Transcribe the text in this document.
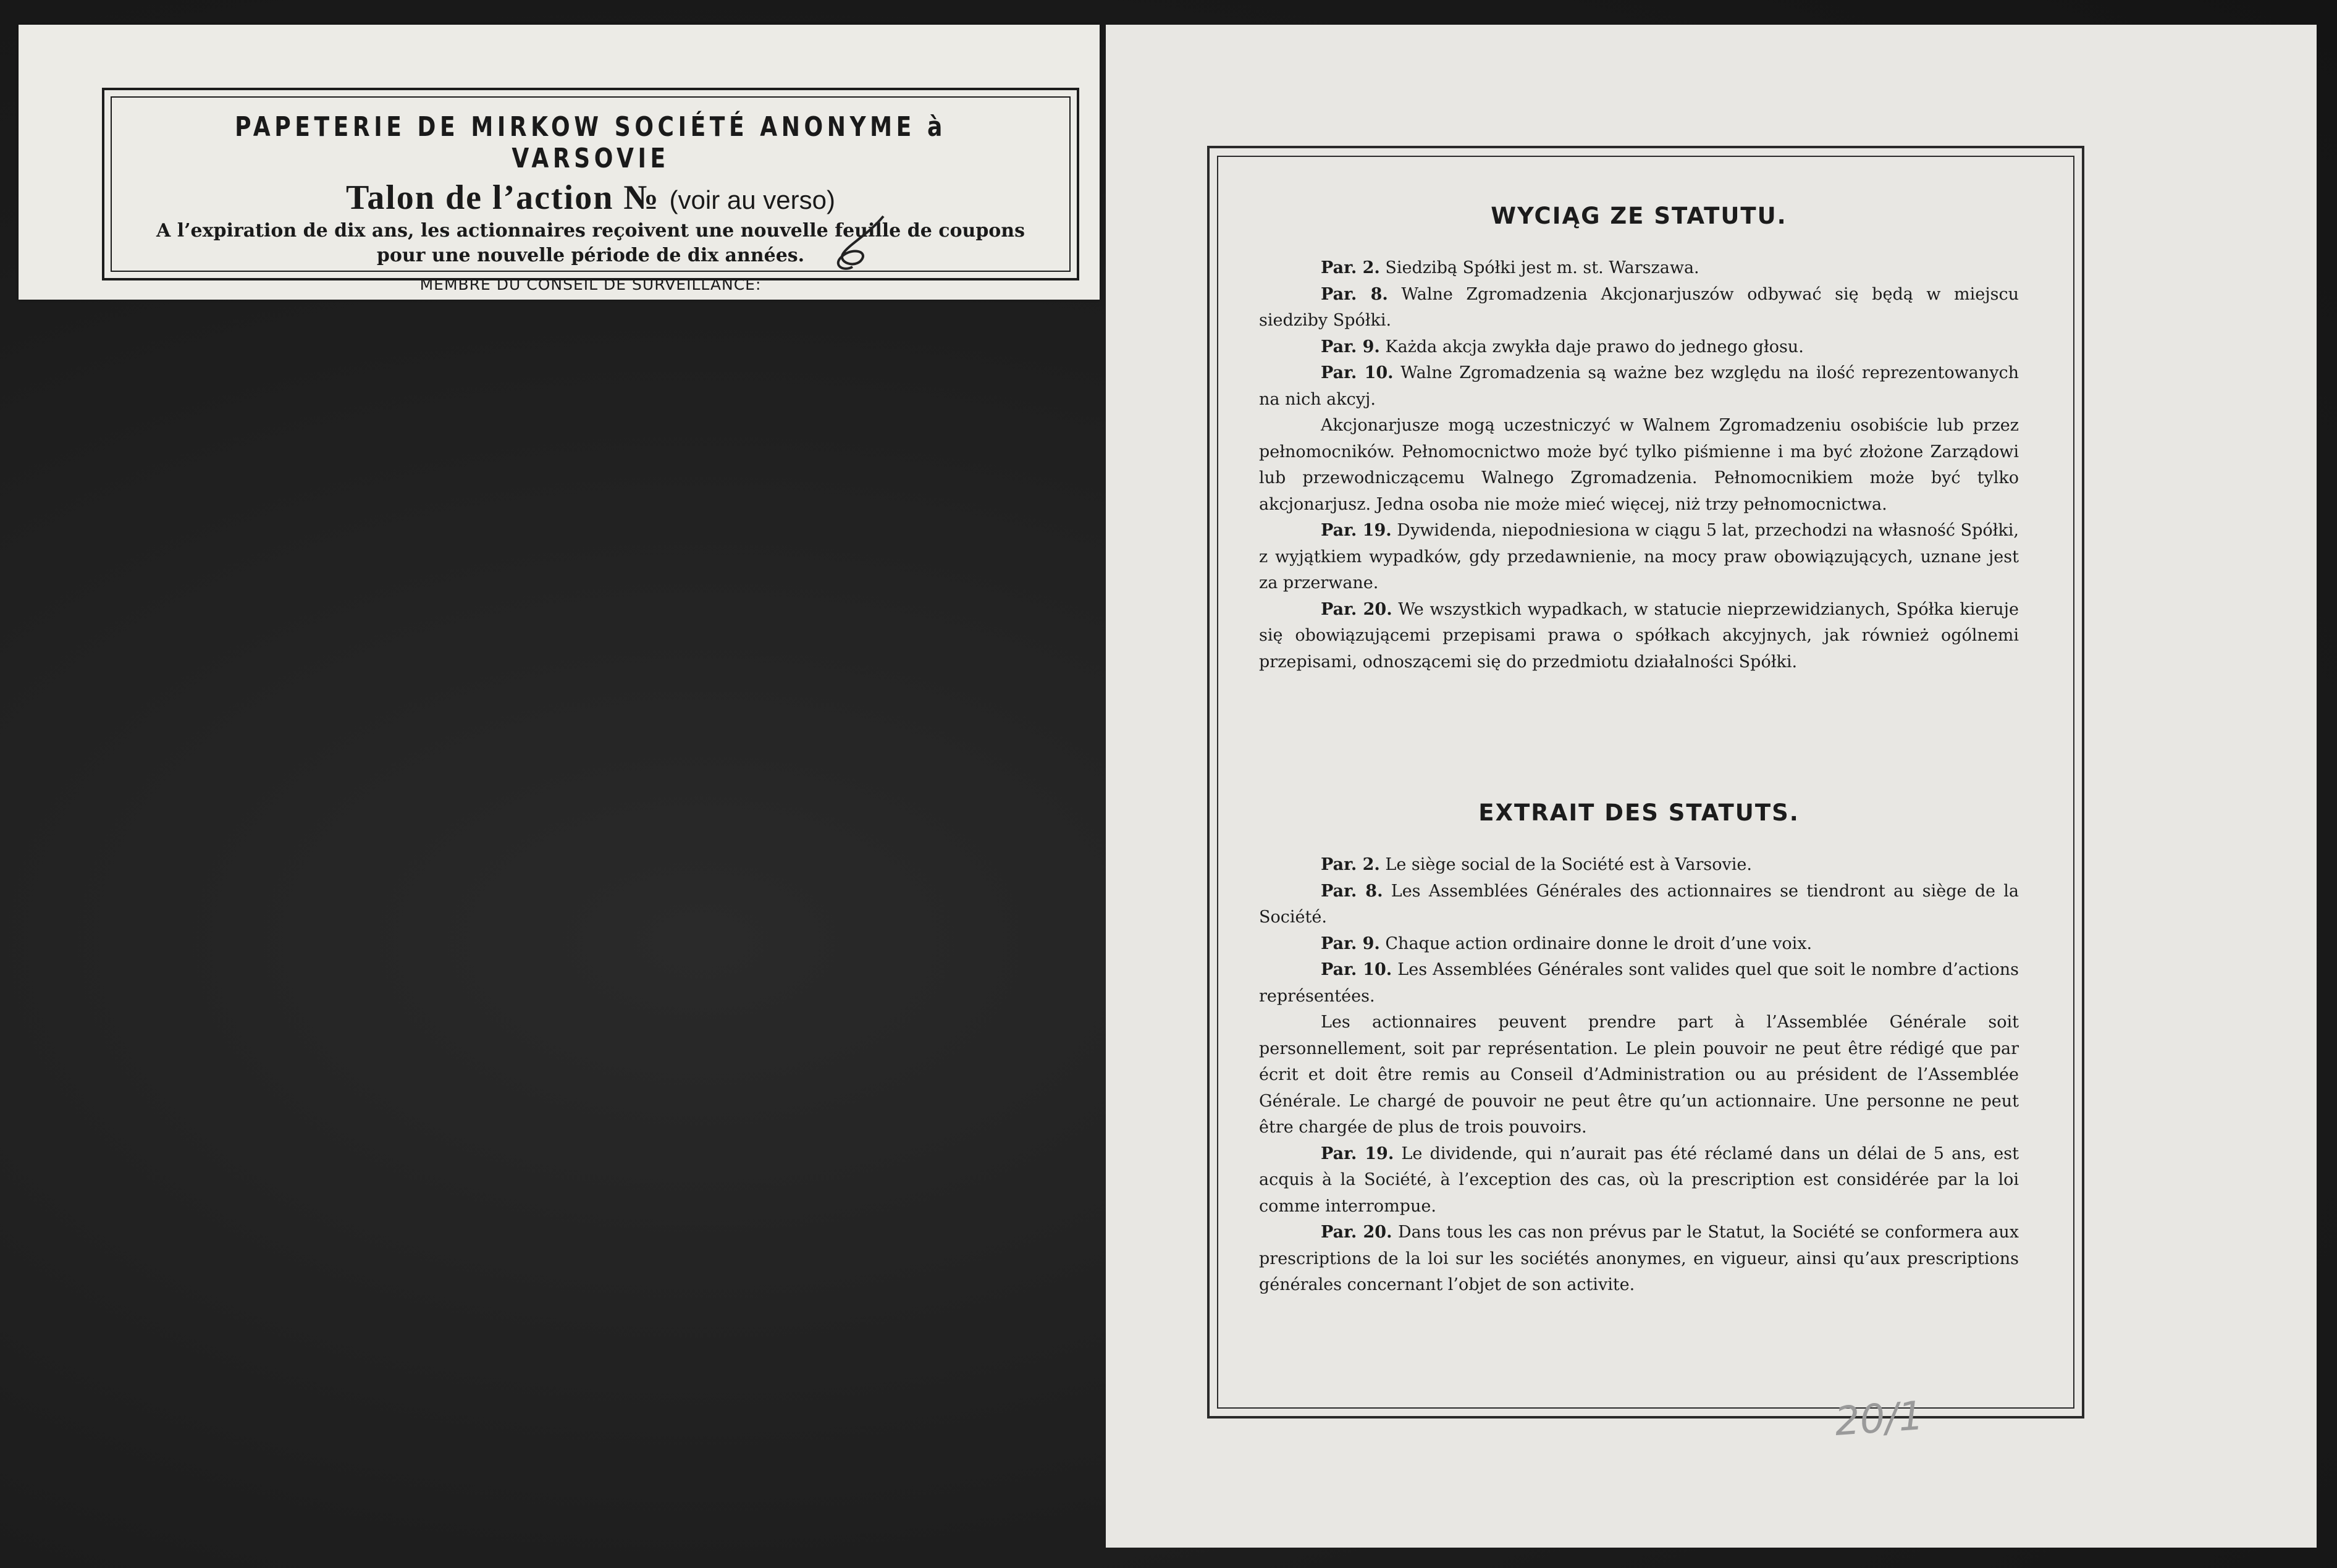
PAPETERIE DE MIRKOW SOCIÉTÉ ANONYME à VARSOVIE
Talon de l’action № (voir au verso)
A l’expiration de dix ans, les actionnaires reçoivent une nouvelle feuille de coupons
pour une nouvelle période de dix années.
MEMBRE DU CONSEIL DE SURVEILLANCE:
WYCIĄG ZE STATUTU.

Par. 2. Siedzibą Spółki jest m. st. Warszawa.

Par. 8. Walne Zgromadzenia Akcjonarjuszów odbywać się będą w miejscu siedziby Spółki.

Par. 9. Każda akcja zwykła daje prawo do jednego głosu.

Par. 10. Walne Zgromadzenia są ważne bez względu na ilość reprezentowanych na nich akcyj.

Akcjonarjusze mogą uczestniczyć w Walnem Zgromadzeniu osobiście lub przez pełnomocników. Pełnomocnictwo może być tylko piśmienne i ma być złożone Zarządowi lub przewodniczącemu Walnego Zgromadzenia. Pełnomocnikiem może być tylko akcjonarjusz. Jedna osoba nie może mieć więcej, niż trzy pełnomocnictwa.

Par. 19. Dywidenda, niepodniesiona w ciągu 5 lat, przechodzi na własność Spółki, z wyjątkiem wypadków, gdy przedawnienie, na mocy praw obowiązujących, uznane jest za przerwane.

Par. 20. We wszystkich wypadkach, w statucie nieprzewidzianych, Spółka kieruje się obowiązującemi przepisami prawa o spółkach akcyjnych, jak również ogólnemi przepisami, odnoszącemi się do przedmiotu działalności Spółki.

EXTRAIT DES STATUTS.

Par. 2. Le siège social de la Société est à Varsovie.

Par. 8. Les Assemblées Générales des actionnaires se tiendront au siège de la Société.

Par. 9. Chaque action ordinaire donne le droit d’une voix.

Par. 10. Les Assemblées Générales sont valides quel que soit le nombre d’actions représentées.

Les actionnaires peuvent prendre part à l’Assemblée Générale soit personnellement, soit par représentation. Le plein pouvoir ne peut être rédigé que par écrit et doit être remis au Conseil d’Administration ou au président de l’Assemblée Générale. Le chargé de pouvoir ne peut être qu’un actionnaire. Une personne ne peut être chargée de plus de trois pouvoirs.

Par. 19. Le dividende, qui n’aurait pas été réclamé dans un délai de 5 ans, est acquis à la Société, à l’exception des cas, où la prescription est considérée par la loi comme interrompue.

Par. 20. Dans tous les cas non prévus par le Statut, la Société se conformera aux prescriptions de la loi sur les sociétés anonymes, en vigueur, ainsi qu’aux prescriptions générales concernant l’objet de son activite.

20/1
